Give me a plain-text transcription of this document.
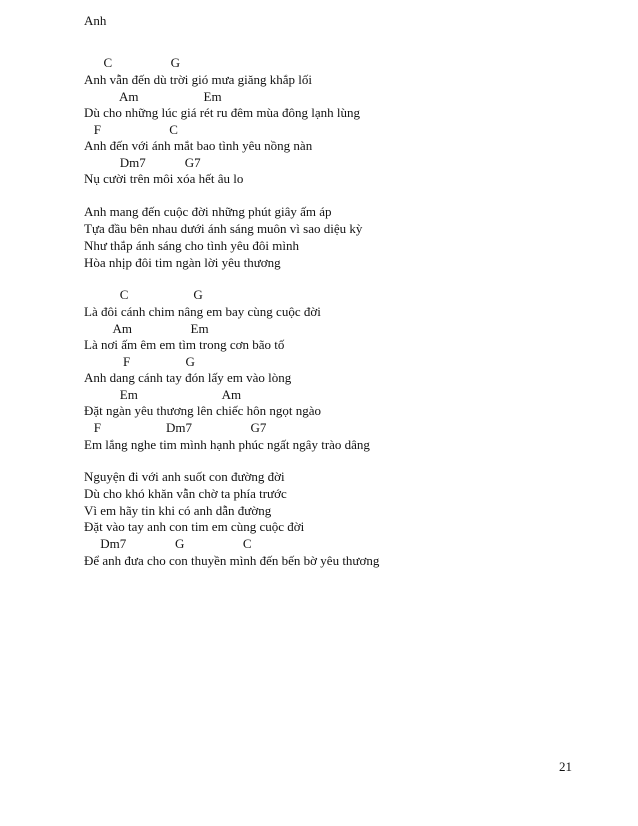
Anh
C                  G
Anh vẫn đến dù trời gió mưa giăng khắp lối
Am                    Em
Dù cho những lúc giá rét ru đêm mùa đông lạnh lùng
F                     C
Anh đến với ánh mắt bao tình yêu nồng nàn
Dm7            G7
Nụ cười trên môi xóa hết âu lo
Anh mang đến cuộc đời những phút giây ấm áp
Tựa đầu bên nhau dưới ánh sáng muôn vì sao diệu kỳ
Như thắp ánh sáng cho tình yêu đôi mình
Hòa nhịp đôi tim ngàn lời yêu thương
C                    G
Là đôi cánh chim nâng em bay cùng cuộc đời
Am                  Em
Là nơi ấm êm em tìm trong cơn bão tố
F                 G
Anh dang cánh tay đón lấy em vào lòng
Em                          Am
Đặt ngàn yêu thương lên chiếc hôn ngọt ngào
F                    Dm7                  G7
Em lắng nghe tim mình hạnh phúc ngất ngây trào dâng
Nguyện đi với anh suốt con đường đời
Dù cho khó khăn vẫn chờ ta phía trước
Vì em hãy tin khi có anh dẫn đường
Đặt vào tay anh con tim em cùng cuộc đời
Dm7               G                  C
Để anh đưa cho con thuyền mình đến bến bờ yêu thương
21
